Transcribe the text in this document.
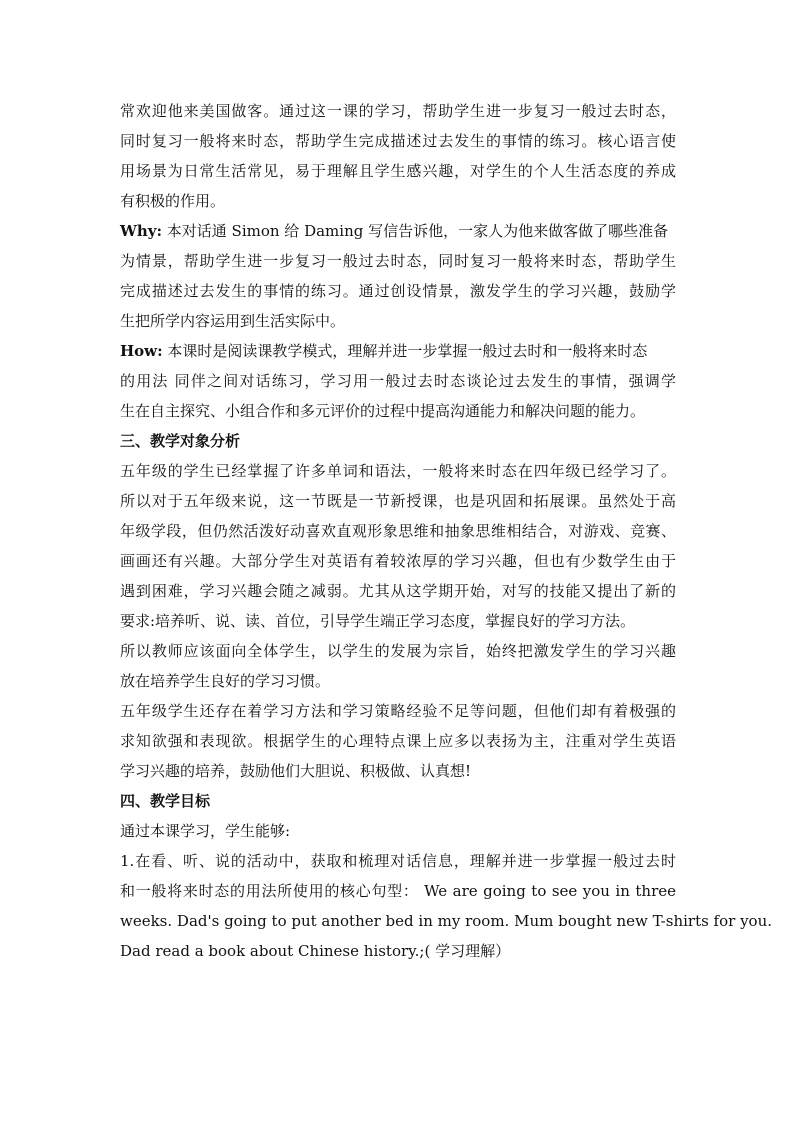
常欢迎他来美国做客。通过这一课的学习，帮助学生进一步复习一般过去时态，
同时复习一般将来时态，帮助学生完成描述过去发生的事情的练习。核心语言使
用场景为日常生活常见，易于理解且学生感兴趣，对学生的个人生活态度的养成
有积极的作用。
Why: 本对话通 Simon 给 Daming 写信告诉他，一家人为他来做客做了哪些准备
为情景，帮助学生进一步复习一般过去时态，同时复习一般将来时态，帮助学生
完成描述过去发生的事情的练习。通过创设情景，激发学生的学习兴趣，鼓励学
生把所学内容运用到生活实际中。
How: 本课时是阅读课教学模式，理解并进一步掌握一般过去时和一般将来时态
的用法 同伴之间对话练习，学习用一般过去时态谈论过去发生的事情，强调学
生在自主探究、小组合作和多元评价的过程中提高沟通能力和解决问题的能力。
三、教学对象分析
五年级的学生已经掌握了许多单词和语法，一般将来时态在四年级已经学习了。
所以对于五年级来说，这一节既是一节新授课，也是巩固和拓展课。虽然处于高
年级学段，但仍然活泼好动喜欢直观形象思维和抽象思维相结合，对游戏、竞赛、
画画还有兴趣。大部分学生对英语有着较浓厚的学习兴趣，但也有少数学生由于
遇到困难，学习兴趣会随之减弱。尤其从这学期开始，对写的技能又提出了新的
要求:培养听、说、读、首位，引导学生端正学习态度，掌握良好的学习方法。
所以教师应该面向全体学生，以学生的发展为宗旨，始终把激发学生的学习兴趣
放在培养学生良好的学习习惯。
五年级学生还存在着学习方法和学习策略经验不足等问题，但他们却有着极强的
求知欲强和表现欲。根据学生的心理特点课上应多以表扬为主，注重对学生英语
学习兴趣的培养，鼓励他们大胆说、积极做、认真想!
四、教学目标
通过本课学习，学生能够:
1.在看、听、说的活动中，获取和梳理对话信息，理解并进一步掌握一般过去时
和一般将来时态的用法所使用的核心句型： We are going to see you in three
weeks. Dad's going to put another bed in my room. Mum bought new T-shirts for you.
Dad read a book about Chinese history.;( 学习理解）
